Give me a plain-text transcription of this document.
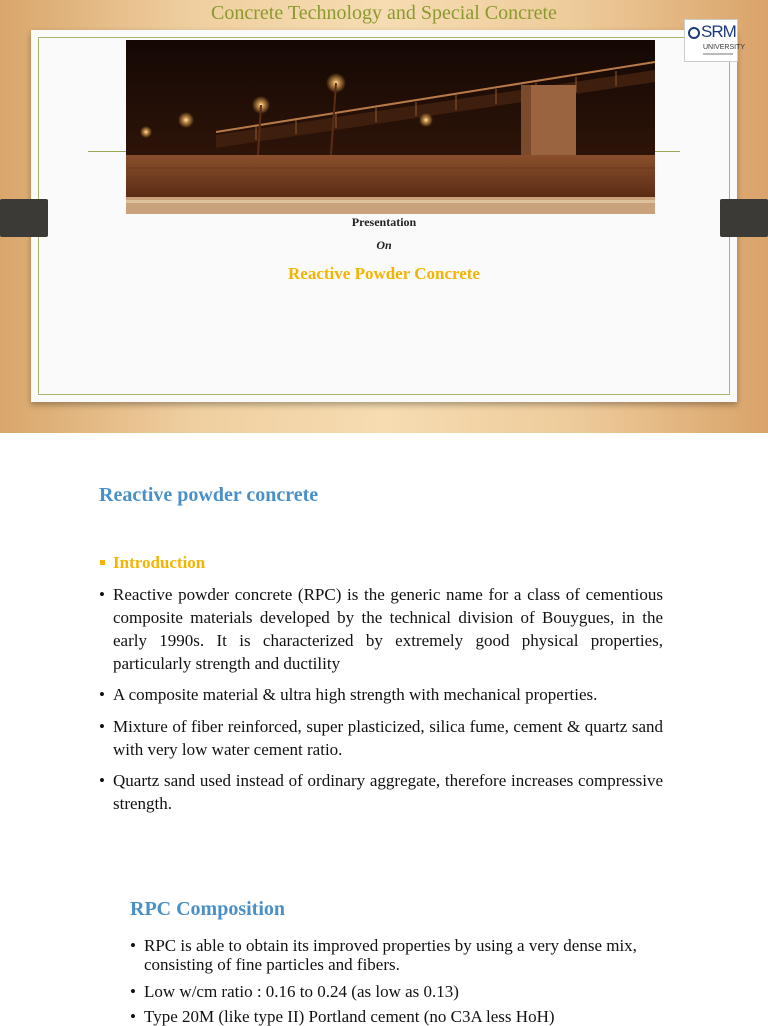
Concrete Technology and Special Concrete
SRM
UNIVERSITY
Presentation
On
Reactive Powder Concrete
Reactive powder concrete
Introduction
• Reactive powder concrete (RPC) is the generic name for a class of cementious composite materials developed by the technical division of Bouygues, in the early 1990s. It is characterized by extremely good physical properties, particularly strength and ductility
• A composite material & ultra high strength with mechanical properties.
• Mixture of fiber reinforced, super plasticized, silica fume, cement & quartz sand with very low water cement ratio.
• Quartz sand used instead of ordinary aggregate, therefore increases compressive strength.
RPC Composition
• RPC is able to obtain its improved properties by using a very dense mix, consisting of fine particles and fibers.
• Low w/cm ratio : 0.16 to 0.24 (as low as 0.13)
• Type 20M (like type II) Portland cement (no C3A less HoH)
